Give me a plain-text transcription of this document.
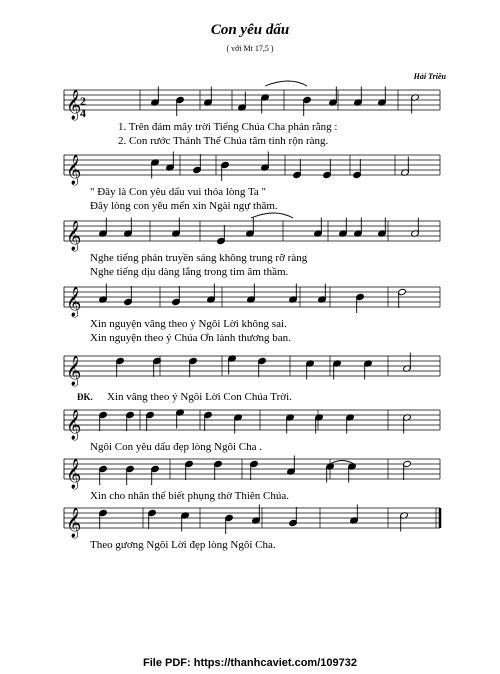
Con yêu dấu
( với Mt 17,5 )
Hải Triều
𝄞
𝄞
𝄞
𝄞
𝄞
𝄞
𝄞
𝄞
2
4
ĐK.
1. Trên đám mây trời Tiếng Chúa Cha phán rằng :
2. Con rước Thánh Thể Chúa tâm tình rộn ràng.
" Đây là Con yêu dấu vui thỏa lòng Ta "
Đây lòng con yêu mến xin Ngài ngự thăm.
Nghe tiếng phán truyền sáng không trung rỡ ràng
Nghe tiếng dịu dàng lắng trong tim âm thầm.
Xin nguyện vâng theo ý Ngôi Lời không sai.
Xin nguyện theo ý Chúa Ơn lành thương ban.
Xin vâng theo ý Ngôi Lời Con Chúa Trời.
Ngôi Con yêu dấu đẹp lòng Ngôi Cha .
Xin cho nhân thế biết phụng thờ Thiên Chúa.
Theo gương Ngôi Lời đẹp lòng Ngôi Cha.
File PDF: https://thanhcaviet.com/109732
